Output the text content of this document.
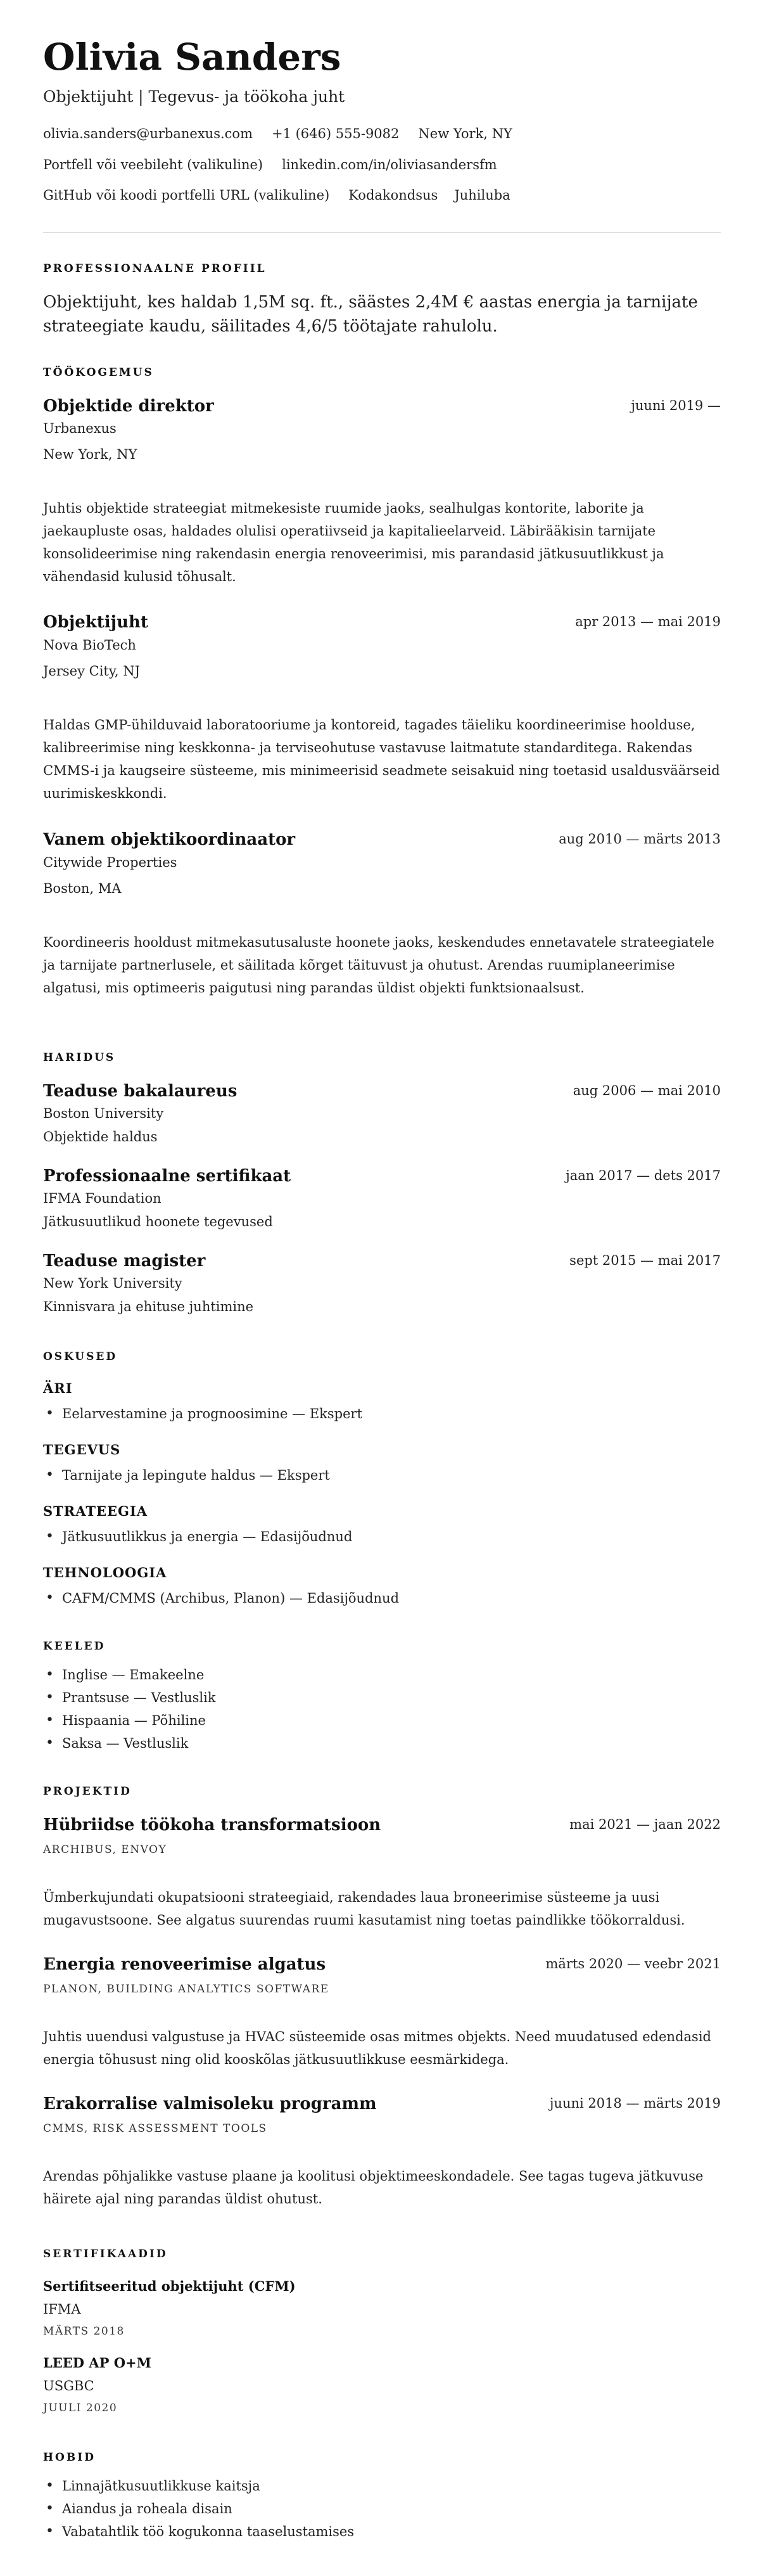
Olivia Sanders
Objektijuht | Tegevus- ja töökoha juht
olivia.sanders@urbanexus.com +1 (646) 555-9082 New York, NY
Portfell või veebileht (valikuline) linkedin.com/in/oliviasandersfm
GitHub või koodi portfelli URL (valikuline) Kodakondsus Juhiluba
PROFESSIONAALNE PROFIIL
Objektijuht, kes haldab 1,5M sq. ft., säästes 2,4M € aastas energia ja tarnijate strateegiate kaudu, säilitades 4,6/5 töötajate rahulolu.
TÖÖKOGEMUS
Objektide direktor	juuni 2019 —
Urbanexus
New York, NY
Juhtis objektide strateegiat mitmekesiste ruumide jaoks, sealhulgas kontorite, laborite ja jaekaupluste osas, haldades olulisi operatiivseid ja kapitalieelarveid. Läbirääkisin tarnijate konsolideerimise ning rakendasin energia renoveerimisi, mis parandasid jätkusuutlikkust ja vähendasid kulusid tõhusalt.
Objektijuht	apr 2013 — mai 2019
Nova BioTech
Jersey City, NJ
Haldas GMP-ühilduvaid laboratooriume ja kontoreid, tagades täieliku koordineerimise hoolduse, kalibreerimise ning keskkonna- ja terviseohutuse vastavuse laitmatute standarditega. Rakendas CMMS-i ja kaugseire süsteeme, mis minimeerisid seadmete seisakuid ning toetasid usaldusväärseid uurimiskeskkondi.
Vanem objektikoordinaator	aug 2010 — märts 2013
Citywide Properties
Boston, MA
Koordineeris hooldust mitmekasutusaluste hoonete jaoks, keskendudes ennetavatele strateegiatele ja tarnijate partnerlusele, et säilitada kõrget täituvust ja ohutust. Arendas ruumiplaneerimise algatusi, mis optimeeris paigutusi ning parandas üldist objekti funktsionaalsust.
HARIDUS
Teaduse bakalaureus	aug 2006 — mai 2010
Boston University
Objektide haldus
Professionaalne sertifikaat	jaan 2017 — dets 2017
IFMA Foundation
Jätkusuutlikud hoonete tegevused
Teaduse magister	sept 2015 — mai 2017
New York University
Kinnisvara ja ehituse juhtimine
OSKUSED
ÄRI
• Eelarvestamine ja prognoosimine — Ekspert
TEGEVUS
• Tarnijate ja lepingute haldus — Ekspert
STRATEEGIA
• Jätkusuutlikkus ja energia — Edasijõudnud
TEHNOLOOGIA
• CAFM/CMMS (Archibus, Planon) — Edasijõudnud
KEELED
• Inglise — Emakeelne
• Prantsuse — Vestluslik
• Hispaania — Põhiline
• Saksa — Vestluslik
PROJEKTID
Hübriidse töökoha transformatsioon	mai 2021 — jaan 2022
ARCHIBUS, ENVOY
Ümberkujundati okupatsiooni strateegiaid, rakendades laua broneerimise süsteeme ja uusi mugavustsoone. See algatus suurendas ruumi kasutamist ning toetas paindlikke töökorraldusi.
Energia renoveerimise algatus	märts 2020 — veebr 2021
PLANON, BUILDING ANALYTICS SOFTWARE
Juhtis uuendusi valgustuse ja HVAC süsteemide osas mitmes objekts. Need muudatused edendasid energia tõhusust ning olid kooskõlas jätkusuutlikkuse eesmärkidega.
Erakorralise valmisoleku programm	juuni 2018 — märts 2019
CMMS, RISK ASSESSMENT TOOLS
Arendas põhjalikke vastuse plaane ja koolitusi objektimeeskondadele. See tagas tugeva jätkuvuse häirete ajal ning parandas üldist ohutust.
SERTIFIKAADID
Sertifitseeritud objektijuht (CFM)
IFMA
MÄRTS 2018
LEED AP O+M
USGBC
JUULI 2020
HOBID
• Linnajätkusuutlikkuse kaitsja
• Aiandus ja roheala disain
• Vabatahtlik töö kogukonna taaselustamises
